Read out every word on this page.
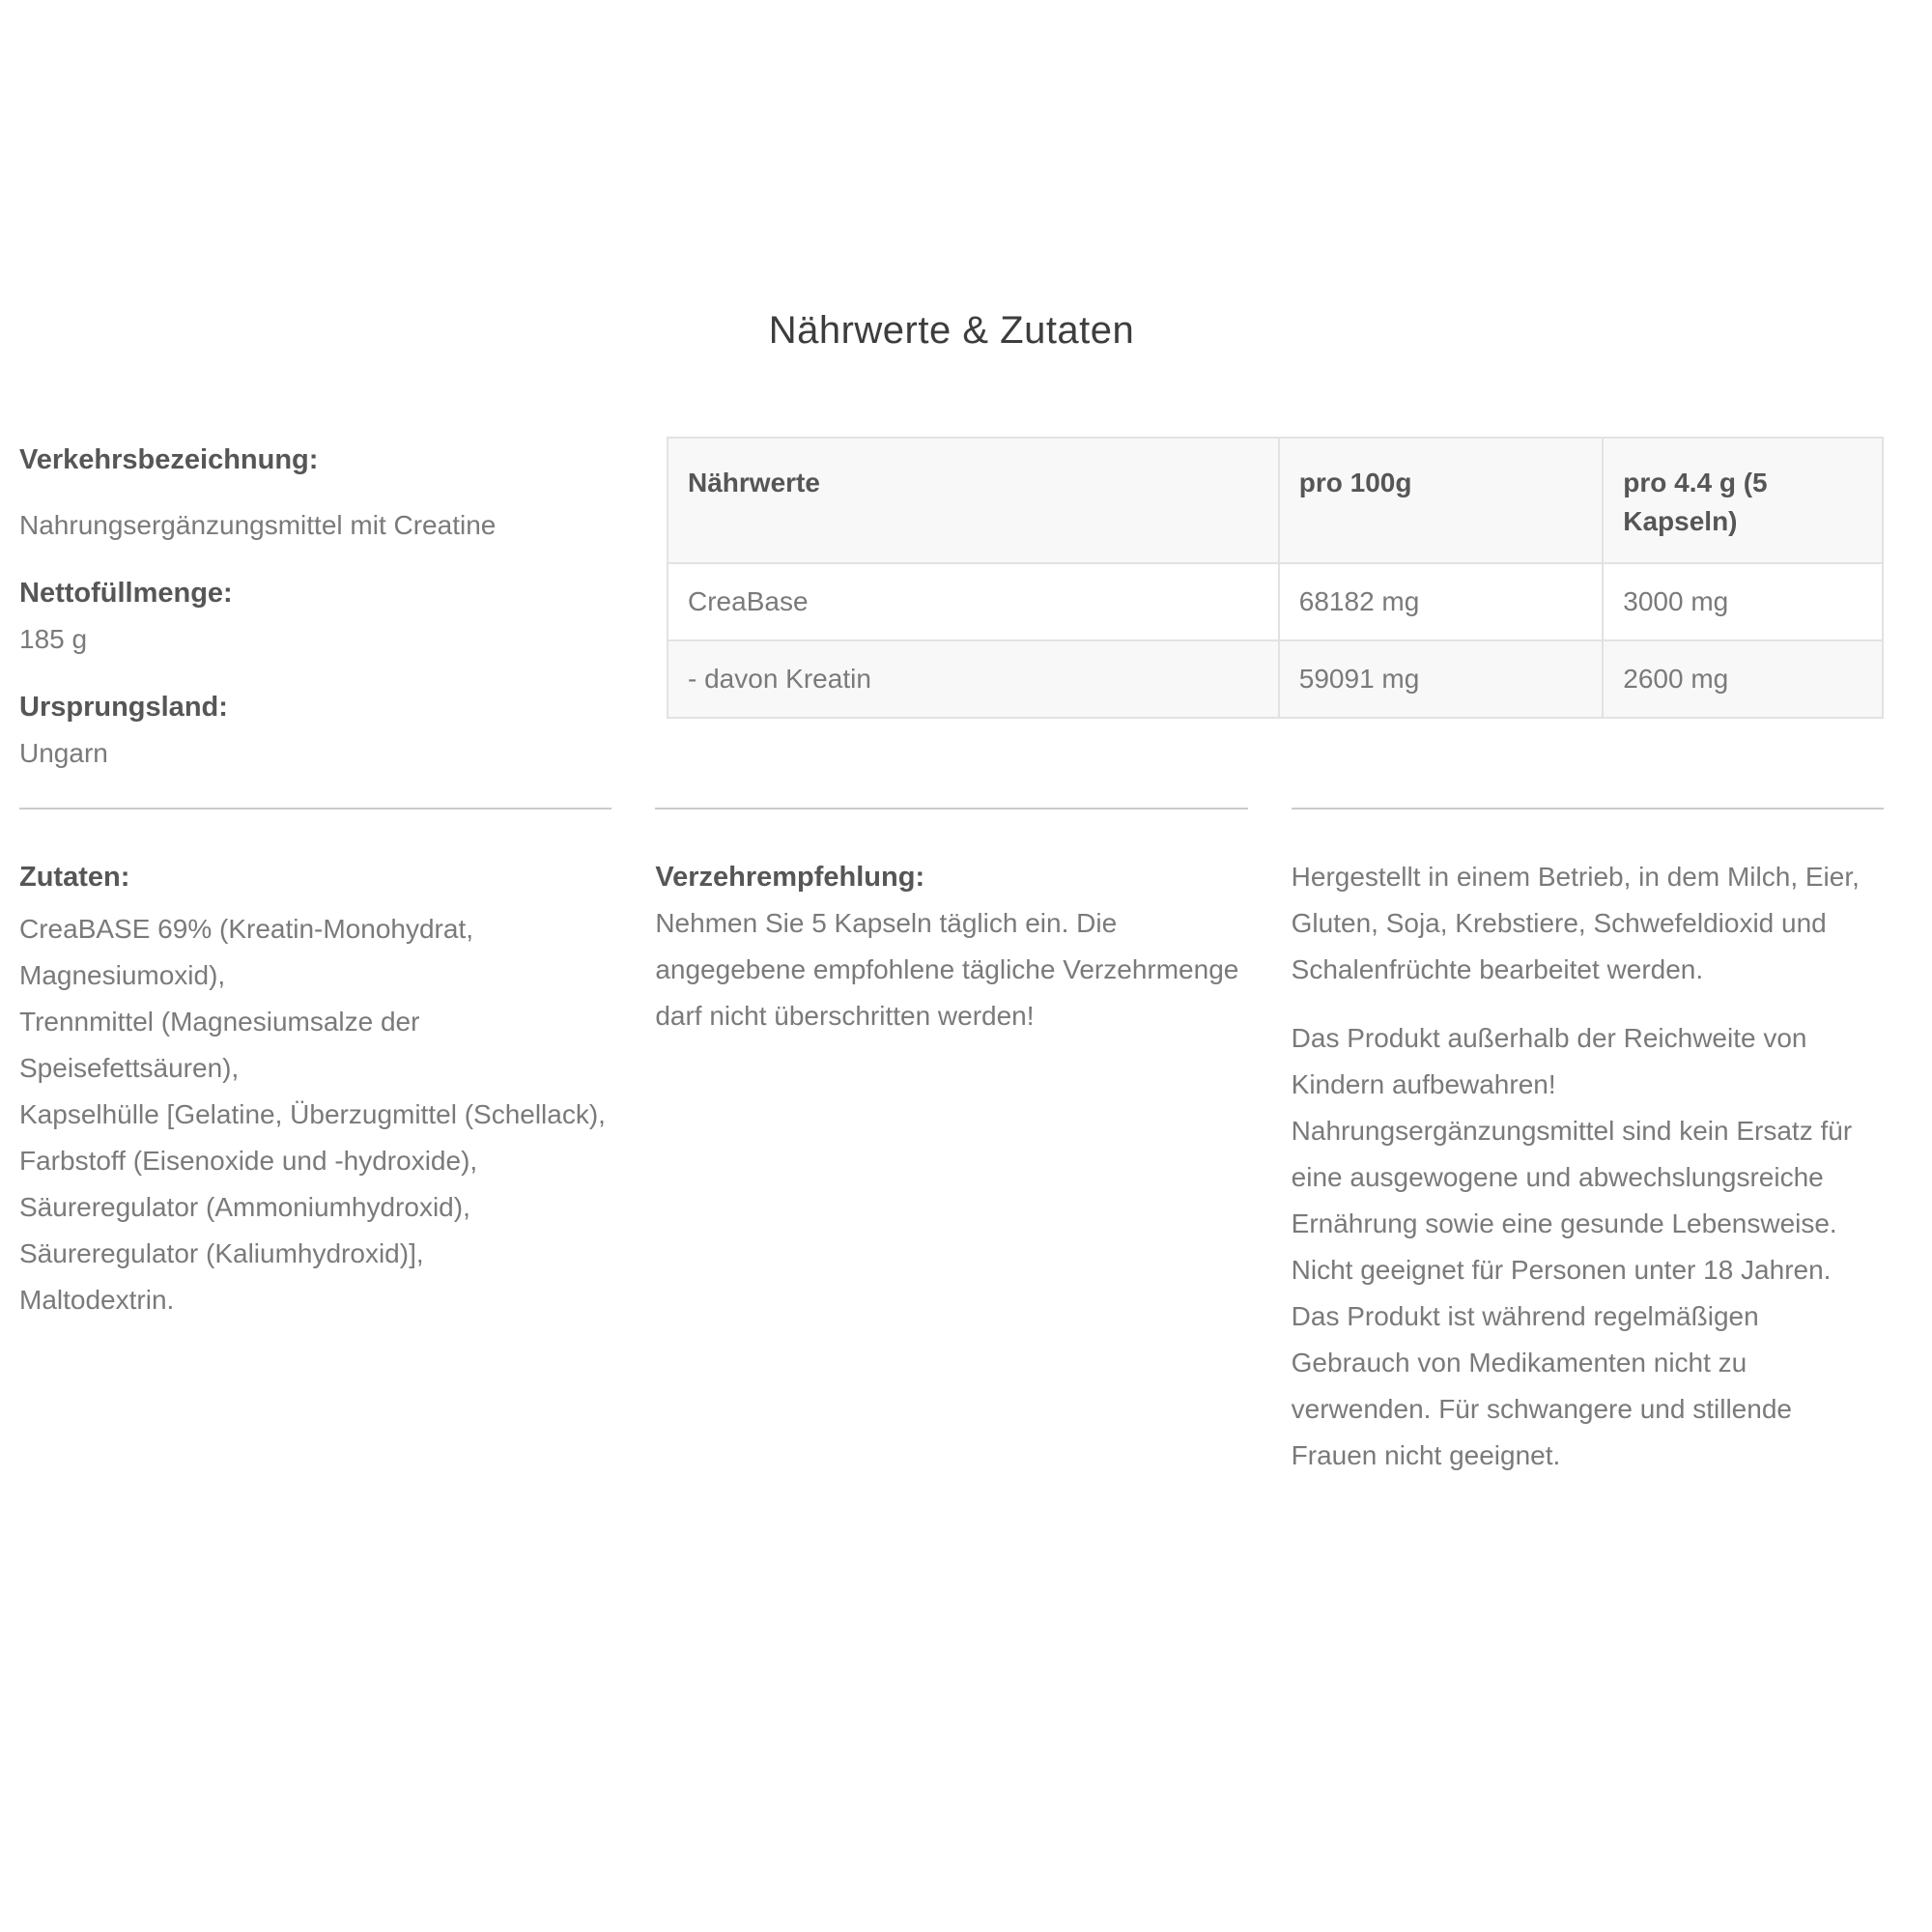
Nährwerte & Zutaten
Verkehrsbezeichnung:
Nahrungsergänzungsmittel mit Creatine
Nettofüllmenge:
185 g
Ursprungsland:
Ungarn
Nährwerte	pro 100g	pro 4.4 g (5 Kapseln)
CreaBase	68182 mg	3000 mg
- davon Kreatin	59091 mg	2600 mg
Zutaten:
CreaBASE 69% (Kreatin-Monohydrat, Magnesiumoxid),
Trennmittel (Magnesiumsalze der Speisefettsäuren),
Kapselhülle [Gelatine, Überzugmittel (Schellack), Farbstoff (Eisenoxide und -hydroxide), Säureregulator (Ammoniumhydroxid), Säureregulator (Kaliumhydroxid)],
Maltodextrin.
Verzehrempfehlung:

Nehmen Sie 5 Kapseln täglich ein. Die angegebene empfohlene tägliche Verzehrmenge darf nicht überschritten werden!

Hergestellt in einem Betrieb, in dem Milch, Eier, Gluten, Soja, Krebstiere, Schwefeldioxid und Schalenfrüchte bearbeitet werden.

Das Produkt außerhalb der Reichweite von Kindern aufbewahren!

Nahrungsergänzungsmittel sind kein Ersatz für eine ausgewogene und abwechslungsreiche Ernährung sowie eine gesunde Lebensweise. Nicht geeignet für Personen unter 18 Jahren. Das Produkt ist während regelmäßigen Gebrauch von Medikamenten nicht zu verwenden. Für schwangere und stillende Frauen nicht geeignet.
